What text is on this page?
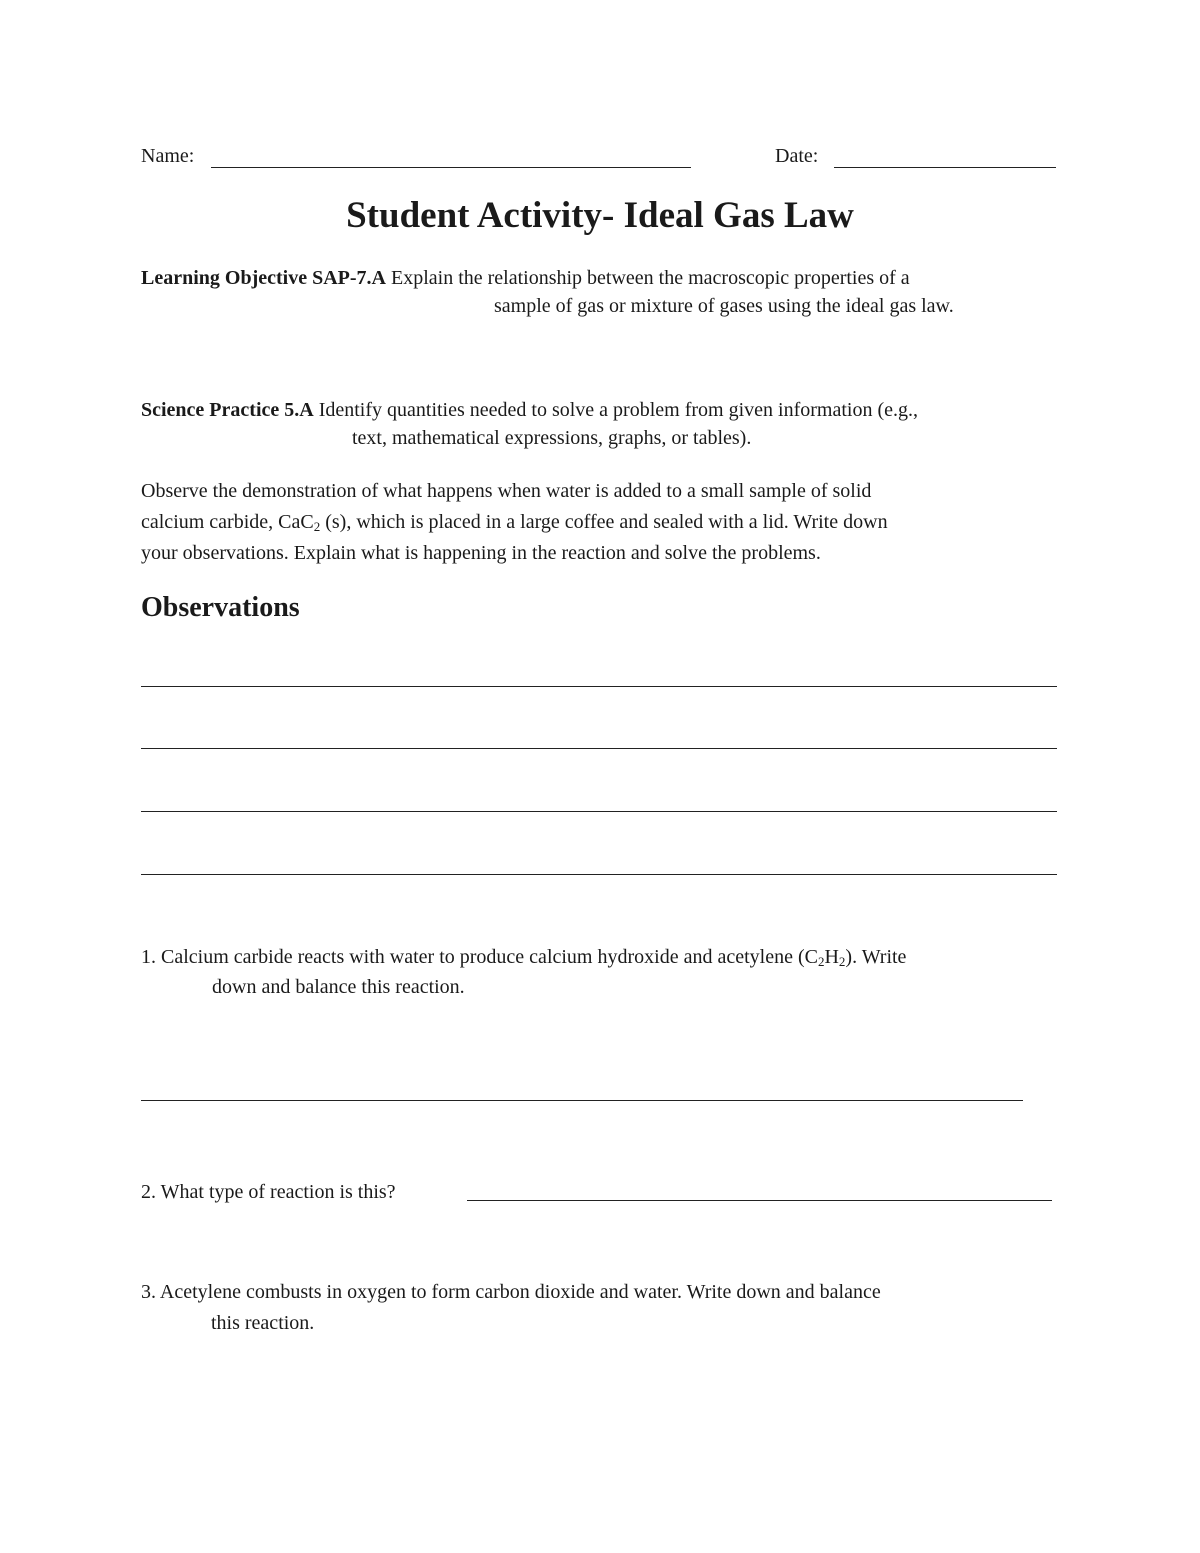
Name:	Date:
Student Activity- Ideal Gas Law
Learning Objective SAP-7.A Explain the relationship between the macroscopic properties of a
sample of gas or mixture of gases using the ideal gas law.
Science Practice 5.A Identify quantities needed to solve a problem from given information (e.g.,
text, mathematical expressions, graphs, or tables).
Observe the demonstration of what happens when water is added to a small sample of solid
calcium carbide, CaC$_2$ (s), which is placed in a large coffee and sealed with a lid. Write down
your observations. Explain what is happening in the reaction and solve the problems.
Observations
1. Calcium carbide reacts with water to produce calcium hydroxide and acetylene $(C_2H_2)$. Write
down and balance this reaction.
2. What type of reaction is this?
3. Acetylene combusts in oxygen to form carbon dioxide and water. Write down and balance
this reaction.
